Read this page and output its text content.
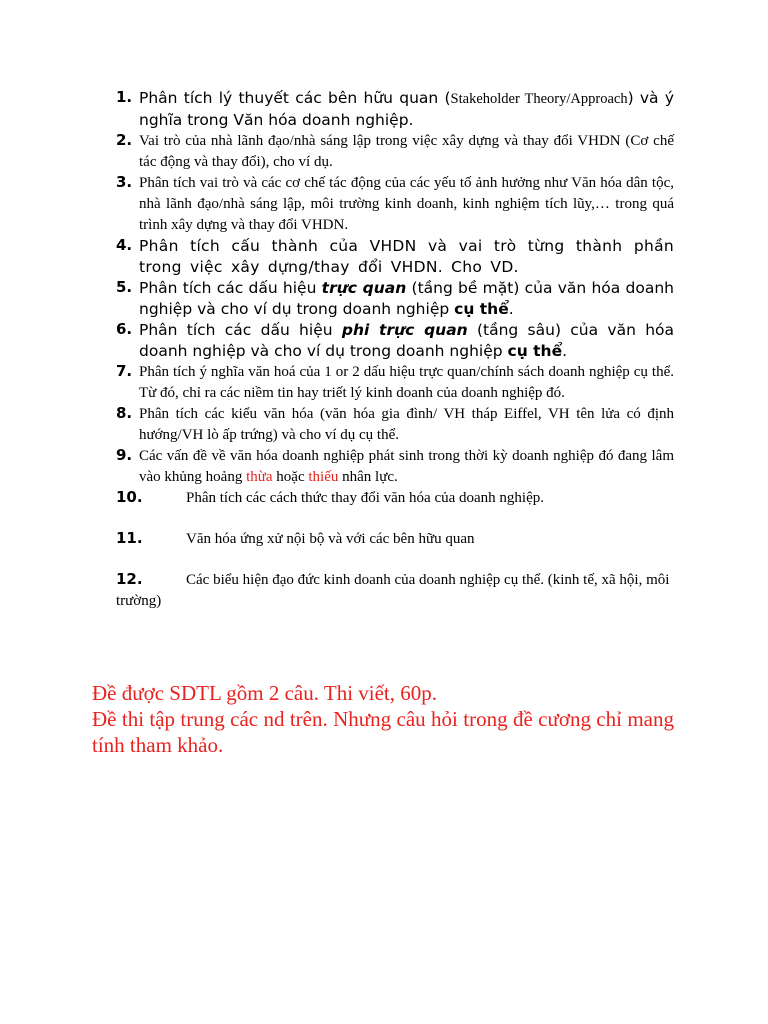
1. Phân tích lý thuyết các bên hữu quan (Stakeholder Theory/Approach) và ý nghĩa trong Văn hóa doanh nghiệp.
2. Vai trò của nhà lãnh đạo/nhà sáng lập trong việc xây dựng và thay đổi VHDN (Cơ chế tác động và thay đổi), cho ví dụ.
3. Phân tích vai trò và các cơ chế tác động của các yếu tố ảnh hưởng như Văn hóa dân tộc, nhà lãnh đạo/nhà sáng lập, môi trường kinh doanh, kinh nghiệm tích lũy,… trong quá trình xây dựng và thay đổi VHDN.
4. Phân tích cấu thành của VHDN và vai trò từng thành phần trong việc xây dựng/thay đổi VHDN. Cho VD.
5. Phân tích các dấu hiệu trực quan (tầng bề mặt) của văn hóa doanh nghiệp và cho ví dụ trong doanh nghiệp cụ thể.
6. Phân tích các dấu hiệu phi trực quan (tầng sâu) của văn hóa doanh nghiệp và cho ví dụ trong doanh nghiệp cụ thể.
7. Phân tích ý nghĩa văn hoá của 1 or 2 dấu hiệu trực quan/chính sách doanh nghiệp cụ thể. Từ đó, chỉ ra các niềm tin hay triết lý kinh doanh của doanh nghiệp đó.
8. Phân tích các kiểu văn hóa (văn hóa gia đình/ VH tháp Eiffel, VH tên lửa có định hướng/VH lò ấp trứng) và cho ví dụ cụ thể.
9. Các vấn đề về văn hóa doanh nghiệp phát sinh trong thời kỳ doanh nghiệp đó đang lâm vào khủng hoảng thừa hoặc thiếu nhân lực.
10.	Phân tích các cách thức thay đổi văn hóa của doanh nghiệp.
11.	Văn hóa ứng xử nội bộ và với các bên hữu quan
12.	Các biểu hiện đạo đức kinh doanh của doanh nghiệp cụ thể. (kinh tế, xã hội, môi trường)

Đề được SDTL gồm 2 câu. Thi viết, 60p.

Đề thi tập trung các nd trên. Nhưng câu hỏi trong đề cương chỉ mang tính tham khảo.
